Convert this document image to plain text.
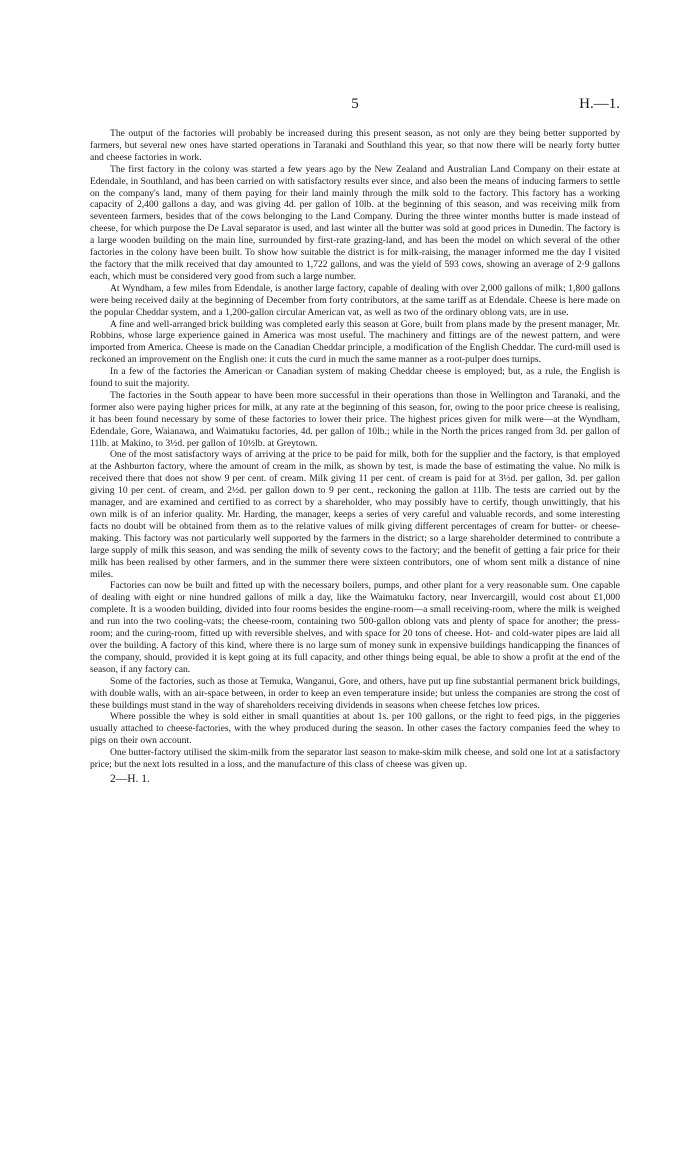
5	H.—1.

The output of the factories will probably be increased during this present season, as not only are they being better supported by farmers, but several new ones have started operations in Taranaki and Southland this year, so that now there will be nearly forty butter and cheese factories in work.

The first factory in the colony was started a few years ago by the New Zealand and Australian Land Company on their estate at Edendale, in Southland, and has been carried on with satisfactory results ever since, and also been the means of inducing farmers to settle on the company's land, many of them paying for their land mainly through the milk sold to the factory. This factory has a working capacity of 2,400 gallons a day, and was giving 4d. per gallon of 10lb. at the beginning of this season, and was receiving milk from seventeen farmers, besides that of the cows belonging to the Land Company. During the three winter months butter is made instead of cheese, for which purpose the De Laval separator is used, and last winter all the butter was sold at good prices in Dunedin. The factory is a large wooden building on the main line, surrounded by first-rate grazing-land, and has been the model on which several of the other factories in the colony have been built. To show how suitable the district is for milk-raising, the manager informed me the day I visited the factory that the milk received that day amounted to 1,722 gallons, and was the yield of 593 cows, showing an average of 2·9 gallons each, which must be considered very good from such a large number.

At Wyndham, a few miles from Edendale, is another large factory, capable of dealing with over 2,000 gallons of milk; 1,800 gallons were being received daily at the beginning of December from forty contributors, at the same tariff as at Edendale. Cheese is here made on the popular Cheddar system, and a 1,200-gallon circular American vat, as well as two of the ordinary oblong vats, are in use.

A fine and well-arranged brick building was completed early this season at Gore, built from plans made by the present manager, Mr. Robbins, whose large experience gained in America was most useful. The machinery and fittings are of the newest pattern, and were imported from America. Cheese is made on the Canadian Cheddar principle, a modification of the English Cheddar. The curd-mill used is reckoned an improvement on the English one: it cuts the curd in much the same manner as a root-pulper does turnips.

In a few of the factories the American or Canadian system of making Cheddar cheese is employed; but, as a rule, the English is found to suit the majority.

The factories in the South appear to have been more successful in their operations than those in Wellington and Taranaki, and the former also were paying higher prices for milk, at any rate at the beginning of this season, for, owing to the poor price cheese is realising, it has been found necessary by some of these factories to lower their price. The highest prices given for milk were—at the Wyndham, Edendale, Gore, Waianawa, and Waimatuku factories, 4d. per gallon of 10lb.; while in the North the prices ranged from 3d. per gallon of 11lb. at Makino, to 3½d. per gallon of 10½lb. at Greytown.

One of the most satisfactory ways of arriving at the price to be paid for milk, both for the supplier and the factory, is that employed at the Ashburton factory, where the amount of cream in the milk, as shown by test, is made the base of estimating the value. No milk is received there that does not show 9 per cent. of cream. Milk giving 11 per cent. of cream is paid for at 3½d. per gallon, 3d. per gallon giving 10 per cent. of cream, and 2½d. per gallon down to 9 per cent., reckoning the gallon at 11lb. The tests are carried out by the manager, and are examined and certified to as correct by a shareholder, who may possibly have to certify, though unwittingly, that his own milk is of an inferior quality. Mr. Harding, the manager, keeps a series of very careful and valuable records, and some interesting facts no doubt will be obtained from them as to the relative values of milk giving different percentages of cream for butter- or cheese-making. This factory was not particularly well supported by the farmers in the district; so a large shareholder determined to contribute a large supply of milk this season, and was sending the milk of seventy cows to the factory; and the benefit of getting a fair price for their milk has been realised by other farmers, and in the summer there were sixteen contributors, one of whom sent milk a distance of nine miles.

Factories can now be built and fitted up with the necessary boilers, pumps, and other plant for a very reasonable sum. One capable of dealing with eight or nine hundred gallons of milk a day, like the Waimatuku factory, near Invercargill, would cost about £1,000 complete. It is a wooden building, divided into four rooms besides the engine-room—a small receiving-room, where the milk is weighed and run into the two cooling-vats; the cheese-room, containing two 500-gallon oblong vats and plenty of space for another; the press-room; and the curing-room, fitted up with reversible shelves, and with space for 20 tons of cheese. Hot- and cold-water pipes are laid all over the building. A factory of this kind, where there is no large sum of money sunk in expensive buildings handicapping the finances of the company, should, provided it is kept going at its full capacity, and other things being equal, be able to show a profit at the end of the season, if any factory can.

Some of the factories, such as those at Temuka, Wanganui, Gore, and others, have put up fine substantial permanent brick buildings, with double walls, with an air-space between, in order to keep an even temperature inside; but unless the companies are strong the cost of these buildings must stand in the way of shareholders receiving dividends in seasons when cheese fetches low prices.

Where possible the whey is sold either in small quantities at about 1s. per 100 gallons, or the right to feed pigs, in the piggeries usually attached to cheese-factories, with the whey produced during the season. In other cases the factory companies feed the whey to pigs on their own account.

One butter-factory utilised the skim-milk from the separator last season to make-skim milk cheese, and sold one lot at a satisfactory price; but the next lots resulted in a loss, and the manufacture of this class of cheese was given up.

2—H. 1.
